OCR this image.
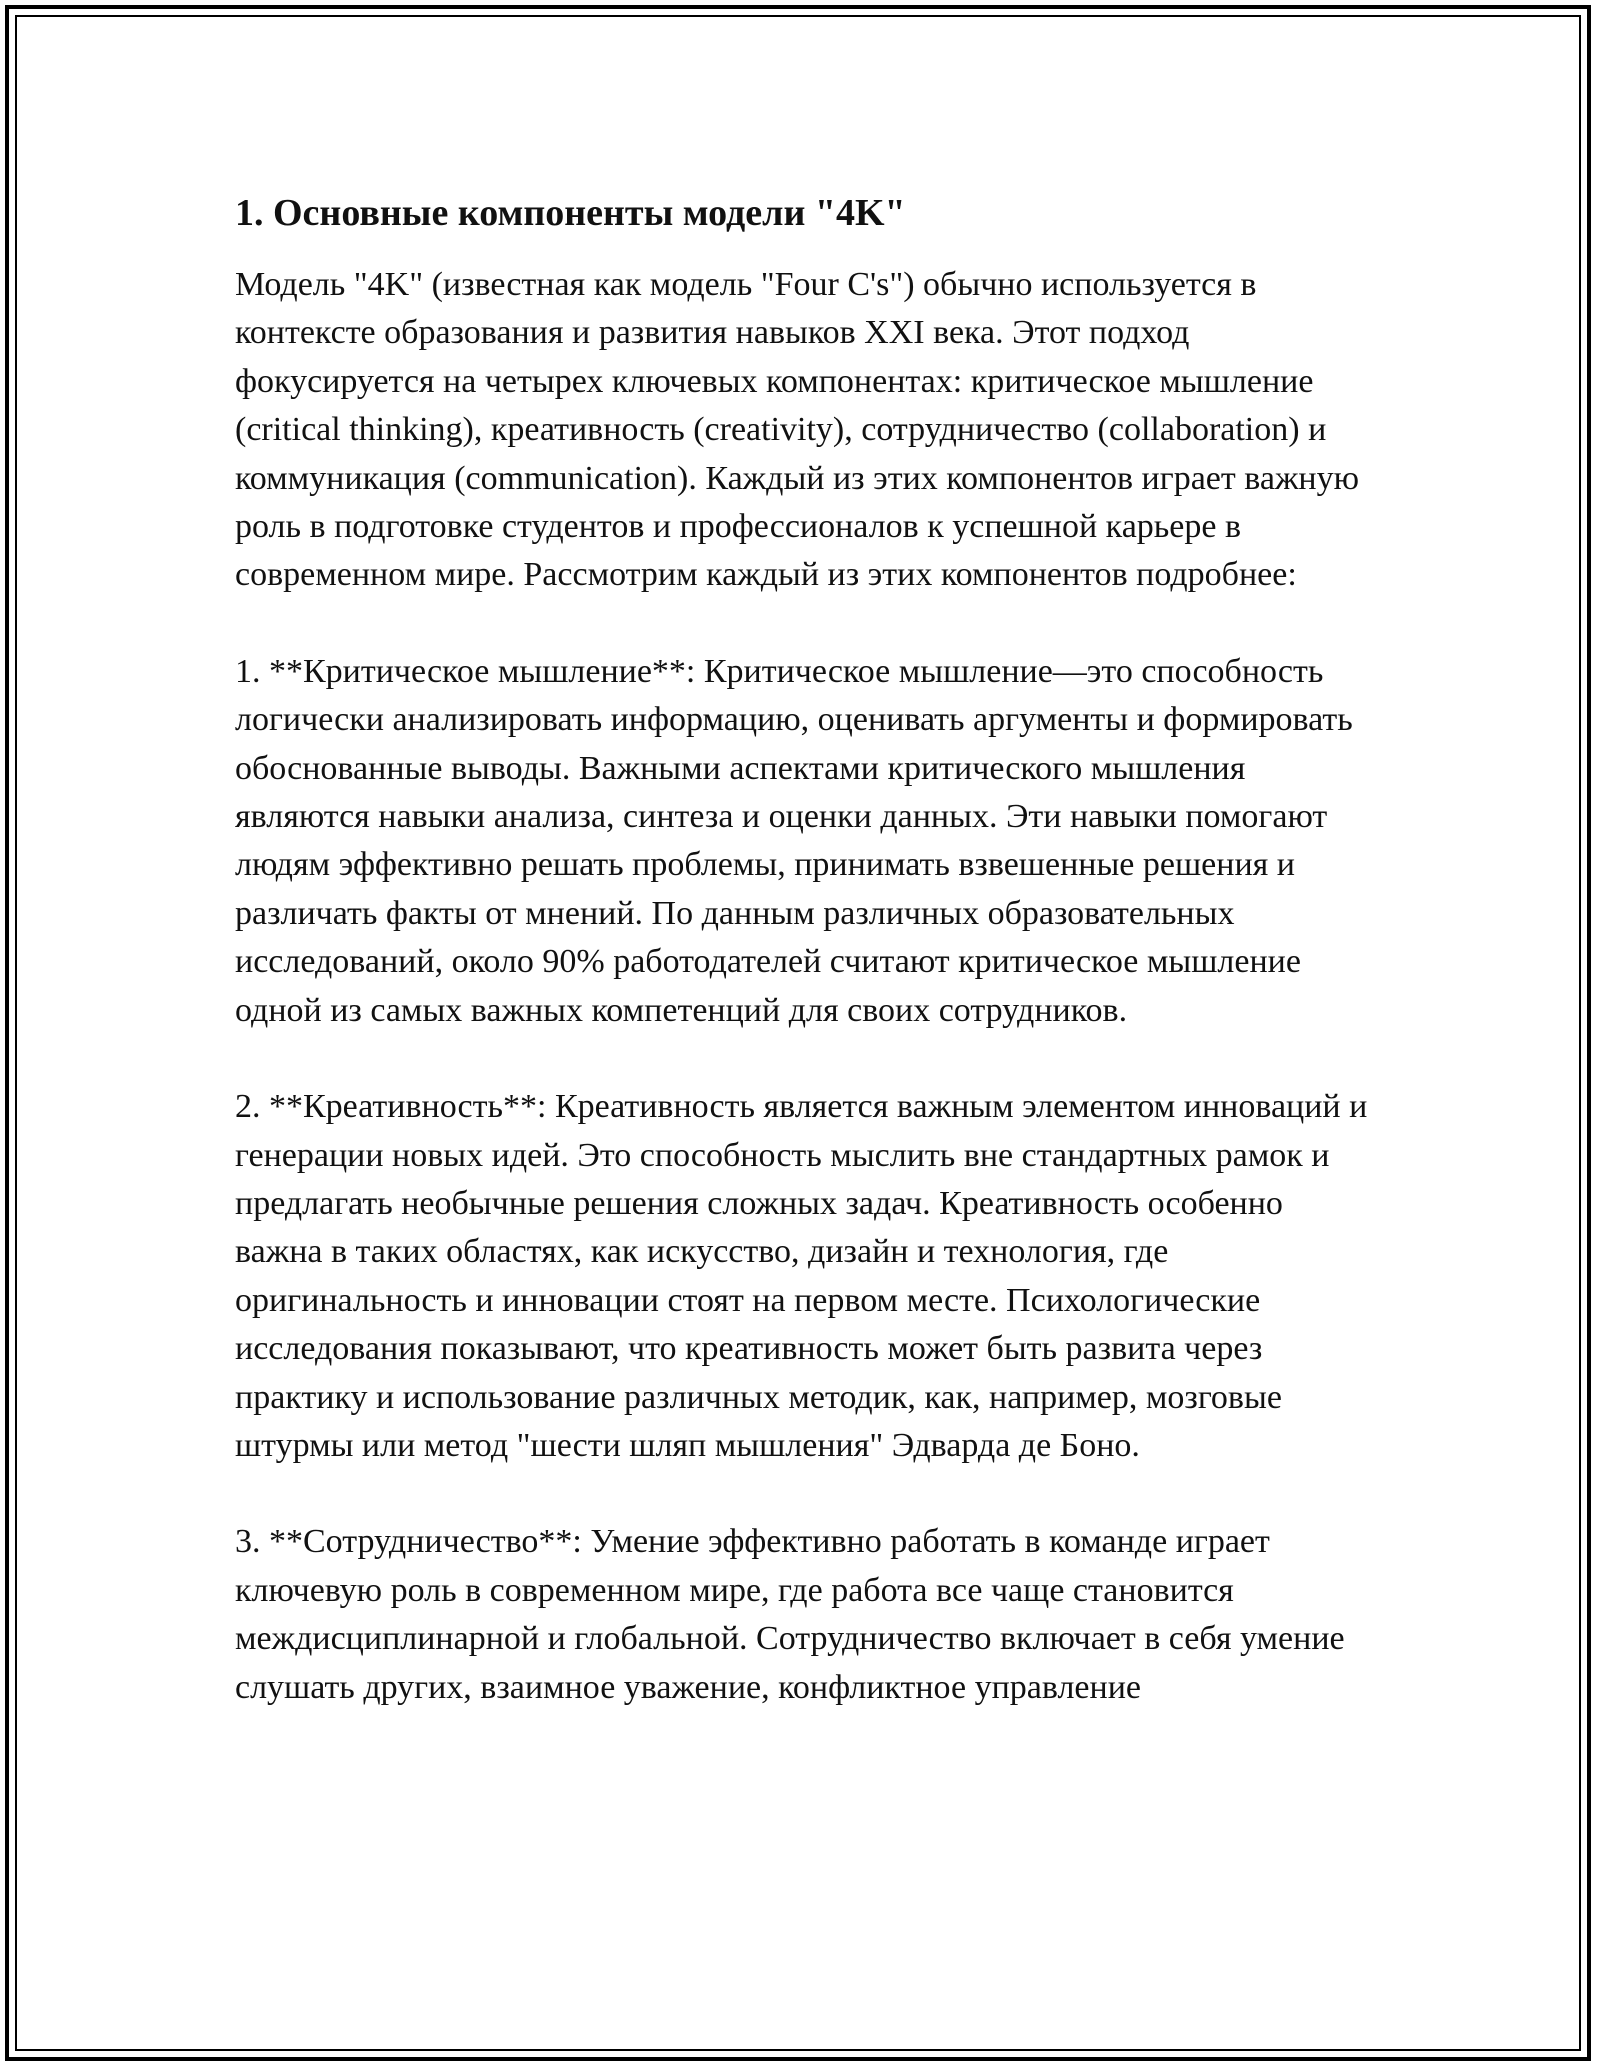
1. Основные компоненты модели "4K"

Модель "4K" (известная как модель "Four C's") обычно используется в контексте образования и развития навыков XXI века. Этот подход фокусируется на четырех ключевых компонентах: критическое мышление (critical thinking), креативность (creativity), сотрудничество (collaboration) и коммуникация (communication). Каждый из этих компонентов играет важную роль в подготовке студентов и профессионалов к успешной карьере в современном мире. Рассмотрим каждый из этих компонентов подробнее:

1. **Критическое мышление**: Критическое мышление—это способность логически анализировать информацию, оценивать аргументы и формировать обоснованные выводы. Важными аспектами критического мышления являются навыки анализа, синтеза и оценки данных. Эти навыки помогают людям эффективно решать проблемы, принимать взвешенные решения и различать факты от мнений. По данным различных образовательных исследований, около 90% работодателей считают критическое мышление одной из самых важных компетенций для своих сотрудников.

2. **Креативность**: Креативность является важным элементом инноваций и генерации новых идей. Это способность мыслить вне стандартных рамок и предлагать необычные решения сложных задач. Креативность особенно важна в таких областях, как искусство, дизайн и технология, где оригинальность и инновации стоят на первом месте. Психологические исследования показывают, что креативность может быть развита через практику и использование различных методик, как, например, мозговые штурмы или метод "шести шляп мышления" Эдварда де Боно.

3. **Сотрудничество**: Умение эффективно работать в команде играет ключевую роль в современном мире, где работа все чаще становится междисциплинарной и глобальной. Сотрудничество включает в себя умение слушать других, взаимное уважение, конфликтное управление
